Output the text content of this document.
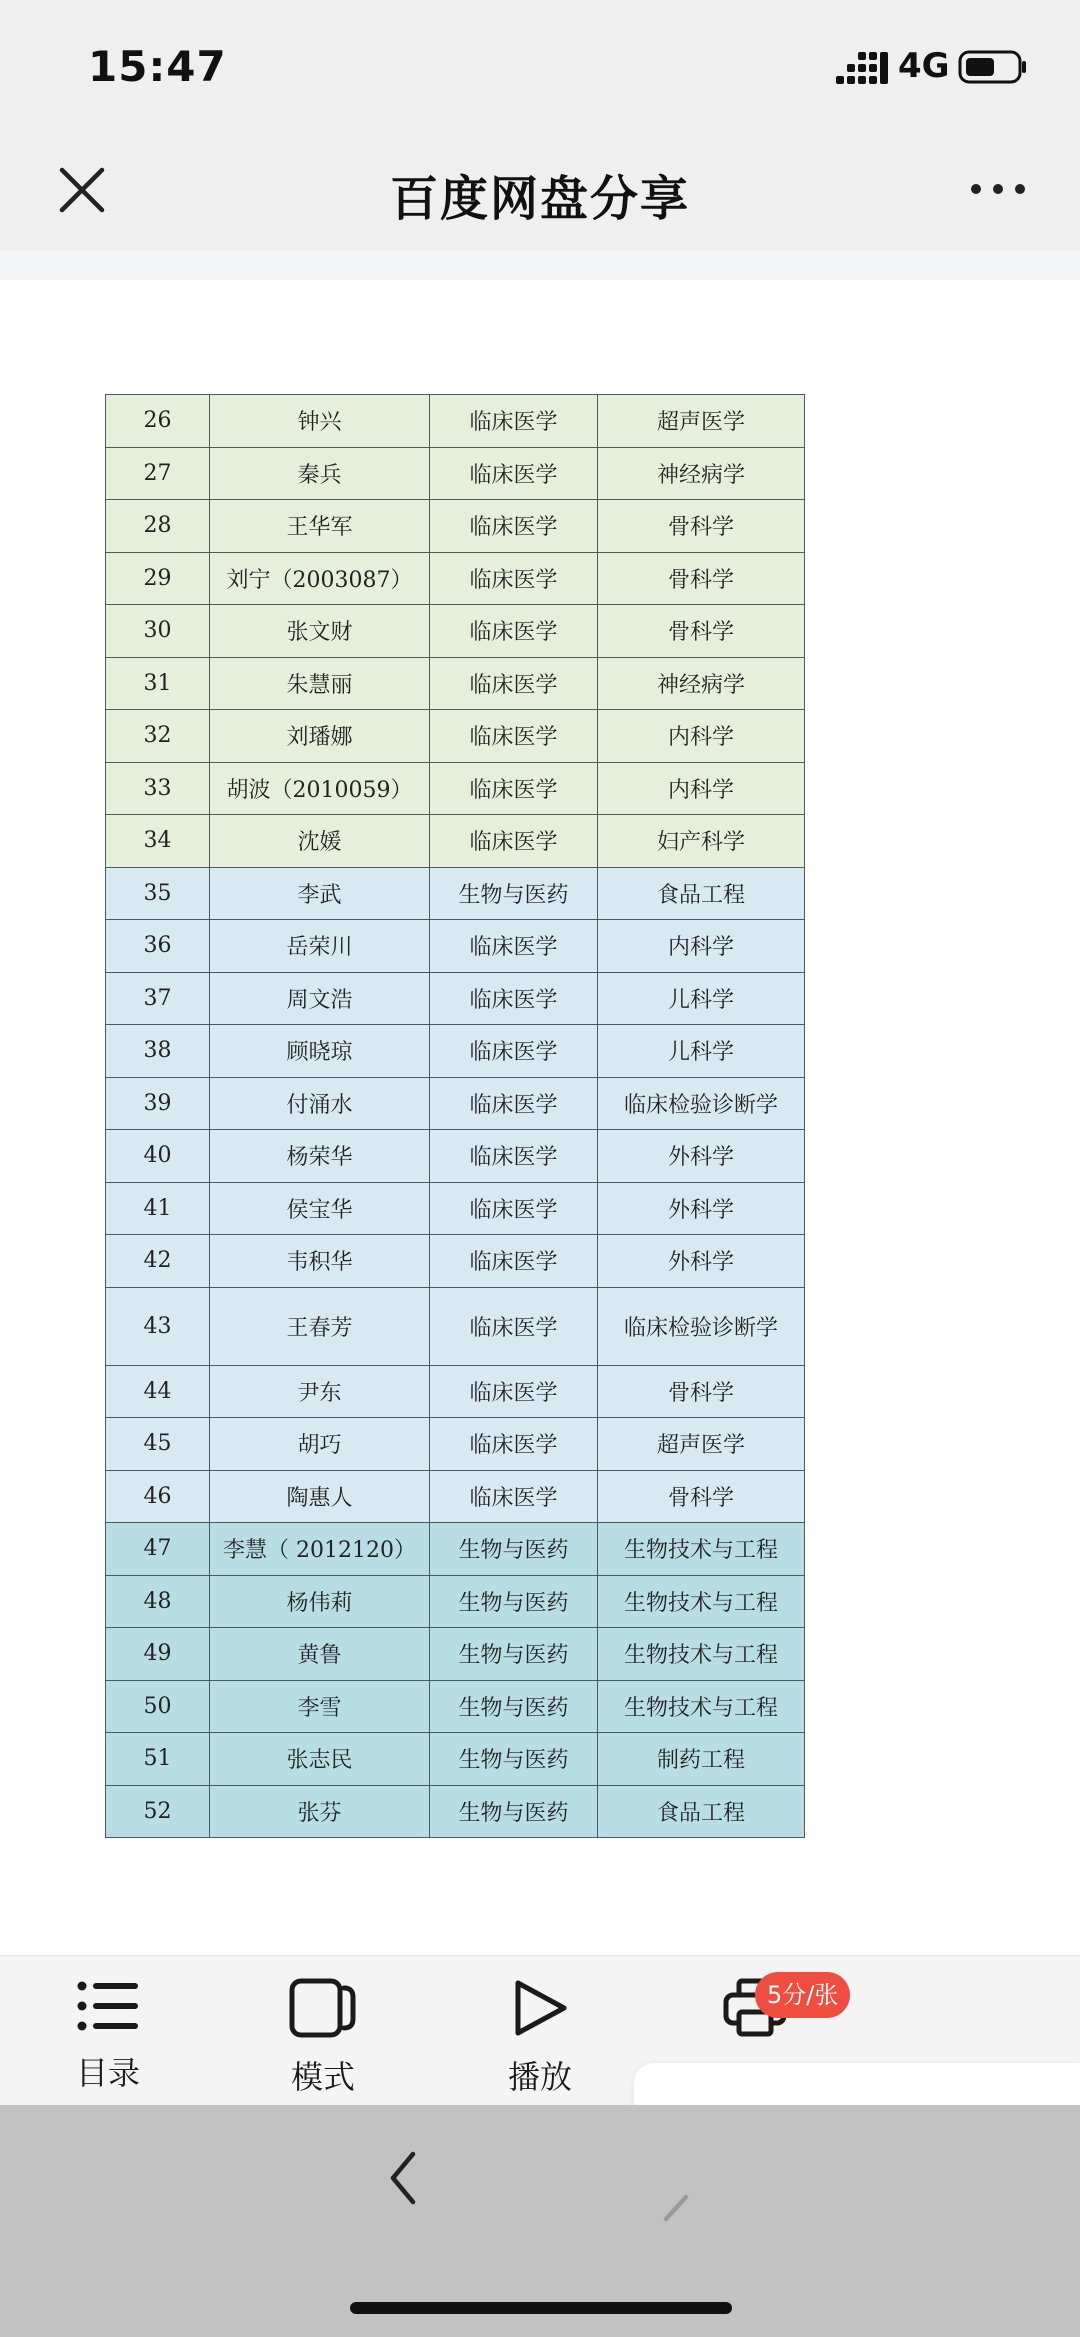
15:47	4G
百度网盘分享
26	钟兴	临床医学	超声医学
27	秦兵	临床医学	神经病学
28	王华军	临床医学	骨科学
29	刘宁（2003087）	临床医学	骨科学
30	张文财	临床医学	骨科学
31	朱慧丽	临床医学	神经病学
32	刘璠娜	临床医学	内科学
33	胡波（2010059）	临床医学	内科学
34	沈媛	临床医学	妇产科学
35	李武	生物与医药	食品工程
36	岳荣川	临床医学	内科学
37	周文浩	临床医学	儿科学
38	顾晓琼	临床医学	儿科学
39	付涌水	临床医学	临床检验诊断学
40	杨荣华	临床医学	外科学
41	侯宝华	临床医学	外科学
42	韦积华	临床医学	外科学
43	王春芳	临床医学	临床检验诊断学
44	尹东	临床医学	骨科学
45	胡巧	临床医学	超声医学
46	陶惠人	临床医学	骨科学
47	李慧（ 2012120）	生物与医药	生物技术与工程
48	杨伟莉	生物与医药	生物技术与工程
49	黄鲁	生物与医药	生物技术与工程
50	李雪	生物与医药	生物技术与工程
51	张志民	生物与医药	制药工程
52	张芬	生物与医药	食品工程
目录	模式	播放
5分/张
